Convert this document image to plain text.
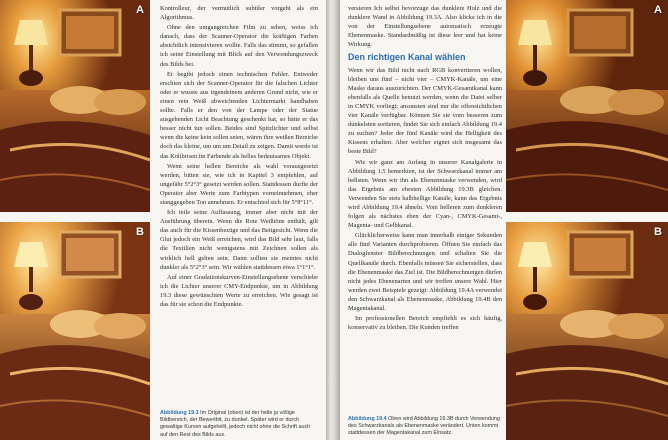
A
B

Kontrolleur, der vermutlich subtiler vorgeht als ein Algorithmus.

Ohne den umgangreichen Film zu sehen, weiss ich danach, dass der Scanner-Operator die kräftigen Farben absichtlich intensivieren wollte. Falls das stimmt, so gefallen ich seine Einstellung mit Blick auf den Verwendungszweck des Bilds bei.

Er begibt jedoch einen technischen Fehler. Entweder erschien sich der Scanner-Operator für die falschen Lichter oder er wusste aus irgendeinem anderen Grund nicht, wie er einen rein Weiß abweichenden Lichtermarkt handhaben sollte. Falls er den von der Lampe oder der Statue ausgehenden Licht Beachtung geschenkt hat, so hätte er das besser nicht tun sollen. Beides sind Spitzlichter und selbst wenn die keine kein sollen seien, wären ihre weißen Bereiche doch das kleine, um um um Detail zu zeigen. Damit werde ist das Kolibrisen im Farbende als helles bedeutsames Objekt.

Wenn seine hellen Bereiche als wahl vorausgesetzt werden, bitten sie, wie ich in Kapitel 3 empfehlen, auf ungefähr 5°2°3° gesetzt werden sollen. Stattdessen durfte der Operator aber Werte zum Farbtypen vorneinnehmen, eher stanggegeben Ton annehmen. Er entschied sich für 5°8°11°.

Ich teile seine Auffassung, immer aber nicht mit der Ausführung überein. Wenn die Rote Weißtöne enthält, gilt das auch für die Kissenbezüge und das Bettgesicht. Wenn die Glut jedoch ein Weiß erreichen, wird das Bild sehr laut, falls die Textilien nicht wenigstens mit Zeichnen sollen als wirklich hell gelten sein. Dann sollten sie meintes nicht dunkler als 5°2°3° sein. Wir wählen stattdessen etwa 1°1°1°.

Auf einer Gradationskurven-Einstellungsebene verschiebe ich die Lichter unserer CMY-Endpunkte, um in Abbildung 19.3 diese gewünschten Werte zu erreichen. Wie gesagt ist das für sie schon die Endpunkte.

Abbildung 19.3 Im Original (oben) ist der helle ja völlige Bildbereich, der Bewertbit, zu dunkel. Später wird er durch gewaltige Kurven aufgehellt, jedoch nicht ohne die Schrift auch auf den Rest des Bilds aus.

versieren Ich selbst bevorzuge das dunklere Holz und die dunklere Wand in Abbildung 19.3A. Also klicke ich in die von der Einstellungsebene automatisch erzeugte Ebenenmaske. Standardmäßig ist diese leer und hat keine Wirkung.

Den richtigen Kanal wählen

Wenn wir das Bild nicht nach RGB konvertieren wollen, bleiben uns fünf – nicht vier – CMYK-Kanäle, um eine Maske daraus auszurichten. Der CMYK-Gesamtkanal kann ebenfalls als Quelle benutzt werden, wenn die Datei selber in CMYK vorliegt; ansonsten sind nur die offensichtlichen vier Kanäle verfügbar. Können Sie sie vom besseren zum dunkelsten sortieren, findet Sie sich einfach Abbildung 19.4 zu suchen? Jeder der fünf Kanäle wird die Helligkeit des Kissens erhalten. Aber welcher eignet sich insgesamt das beste Bild?

Wie wir ganz am Anfang in unserer Kanalgalerie in Abbildung 1.5 bemerkten, ist der Schwarzkanal immer am hellsten. Wenn wir ihn als Ebenenmaske verwenden, wird das Ergebnis am ehesten Abbildung 19.3B gleichen. Verwenden Sie stets halbhellige Kanäle, kann das Ergebnis wird Abbildung 19.4 ähneln. Vom helleren zum dunkleren folgen als nächstes eben der Cyan-, CMYK-Gesamt-, Magenta- und Gelbkanal.

Glücklicherweise kann man innerhalb einiger Sekunden alle fünf Varianten durchprobieren. Öffnen Sie einfach das Dialogfenster Bildberechnungen und schalten Sie die Quellkanäle durch. Ebenfalls müssen Sie sicherstellen, dass die Ebenenmaske das Ziel ist. Die Bildberechnungen dürfen nicht jedes Ebenenarten und wir treffen unsere Wahl. Hier werden zwei Beispiele gezeigt: Abbildung 19.4A verwendet den Schwarzkanal als Ebenenmaske, Abbildung 19.4B den Magentakanal.

Im professionellen Bereich empfiehlt es sich häufig, konservativ zu bleiben. Die Kunden treffen

Abbildung 19.4 Oben wird Abbildung 19.3B durch Verwendung des Schwarzkanals als Ebenenmaske verändert. Unten kommt stattdessen der Magentakanal zum Einsatz.
A
B
